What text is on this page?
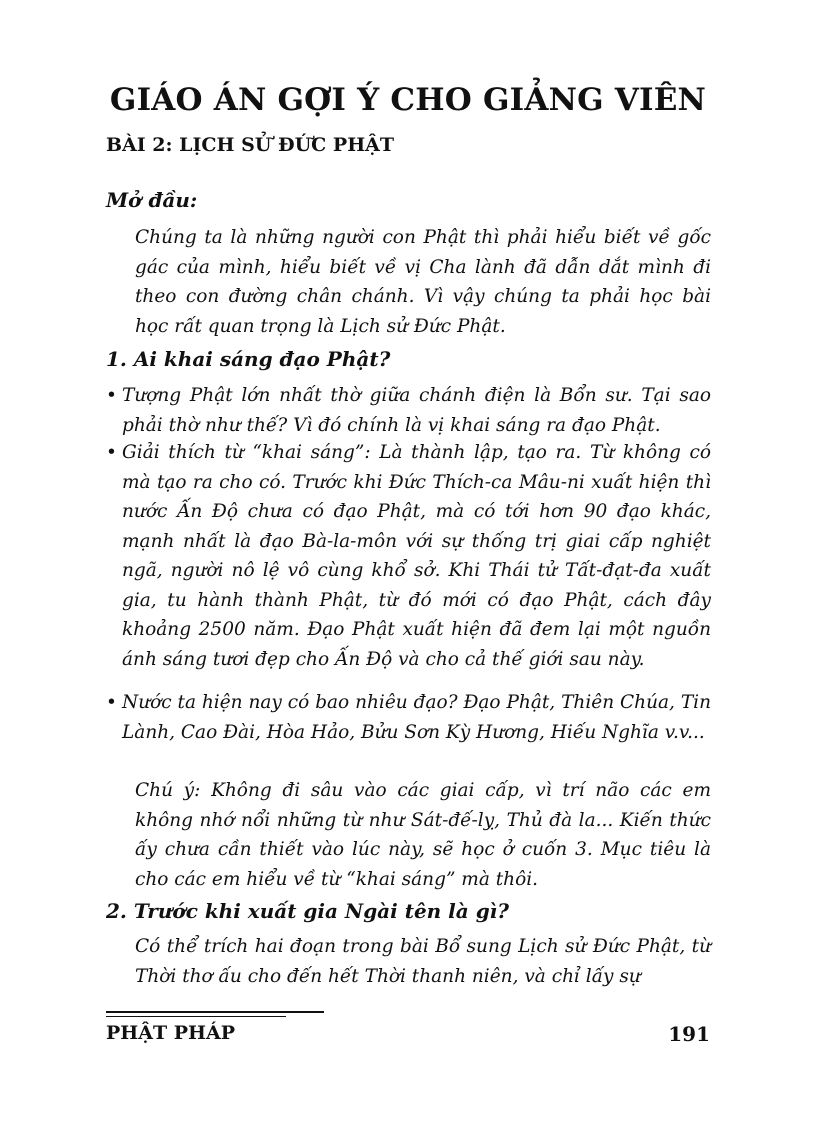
GIÁO ÁN GỢI Ý CHO GIẢNG VIÊN
BÀI 2: LỊCH SỬ ĐỨC PHẬT
Mở đầu:
Chúng ta là những người con Phật thì phải hiểu biết về gốc gác của mình, hiểu biết về vị Cha lành đã dẫn dắt mình đi theo con đường chân chánh. Vì vậy chúng ta phải học bài học rất quan trọng là Lịch sử Đức Phật.
1. Ai khai sáng đạo Phật?
• Tượng Phật lớn nhất thờ giữa chánh điện là Bổn sư. Tại sao phải thờ như thế? Vì đó chính là vị khai sáng ra đạo Phật.
• Giải thích từ “khai sáng”: Là thành lập, tạo ra. Từ không có mà tạo ra cho có. Trước khi Đức Thích-ca Mâu-ni xuất hiện thì nước Ấn Độ chưa có đạo Phật, mà có tới hơn 90 đạo khác, mạnh nhất là đạo Bà-la-môn với sự thống trị giai cấp nghiệt ngã, người nô lệ vô cùng khổ sở. Khi Thái tử Tất-đạt-đa xuất gia, tu hành thành Phật, từ đó mới có đạo Phật, cách đây khoảng 2500 năm. Đạo Phật xuất hiện đã đem lại một nguồn ánh sáng tươi đẹp cho Ấn Độ và cho cả thế giới sau này.
• Nước ta hiện nay có bao nhiêu đạo? Đạo Phật, Thiên Chúa, Tin Lành, Cao Đài, Hòa Hảo, Bửu Sơn Kỳ Hương, Hiếu Nghĩa v.v...
Chú ý: Không đi sâu vào các giai cấp, vì trí não các em không nhớ nổi những từ như Sát-đế-lỵ, Thủ đà la... Kiến thức ấy chưa cần thiết vào lúc này, sẽ học ở cuốn 3. Mục tiêu là cho các em hiểu về từ “khai sáng” mà thôi.
2. Trước khi xuất gia Ngài tên là gì?
Có thể trích hai đoạn trong bài Bổ sung Lịch sử Đức Phật, từ Thời thơ ấu cho đến hết Thời thanh niên, và chỉ lấy sự
PHẬT PHÁP	191
